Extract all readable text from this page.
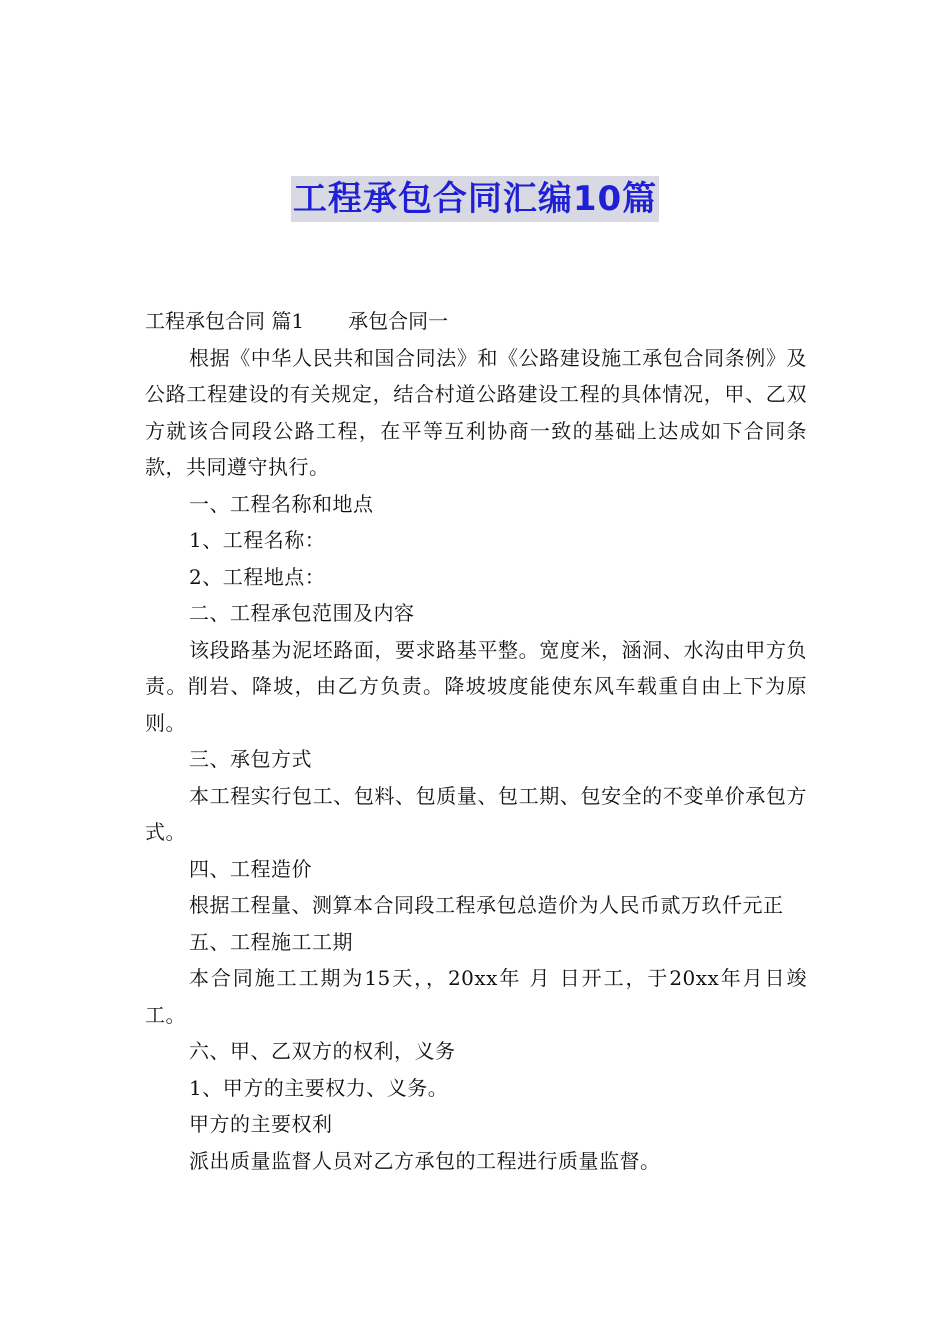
工程承包合同汇编10篇

工程承包合同 篇1 承包合同一

根据《中华人民共和国合同法》和《公路建设施工承包合同条例》及公路工程建设的有关规定，结合村道公路建设工程的具体情况，甲、乙双方就该合同段公路工程，在平等互利协商一致的基础上达成如下合同条款，共同遵守执行。

一、工程名称和地点

1、工程名称：

2、工程地点：

二、工程承包范围及内容

该段路基为泥坯路面，要求路基平整。宽度米，涵洞、水沟由甲方负责。削岩、降坡，由乙方负责。降坡坡度能使东风车载重自由上下为原则。

三、承包方式

本工程实行包工、包料、包质量、包工期、包安全的不变单价承包方式。

四、工程造价

根据工程量、测算本合同段工程承包总造价为人民币贰万玖仟元正

五、工程施工工期

本合同施工工期为15天，，20xx年 月 日开工，于20xx年月日竣工。

六、甲、乙双方的权利，义务

1、甲方的主要权力、义务。

甲方的主要权利

派出质量监督人员对乙方承包的工程进行质量监督。
